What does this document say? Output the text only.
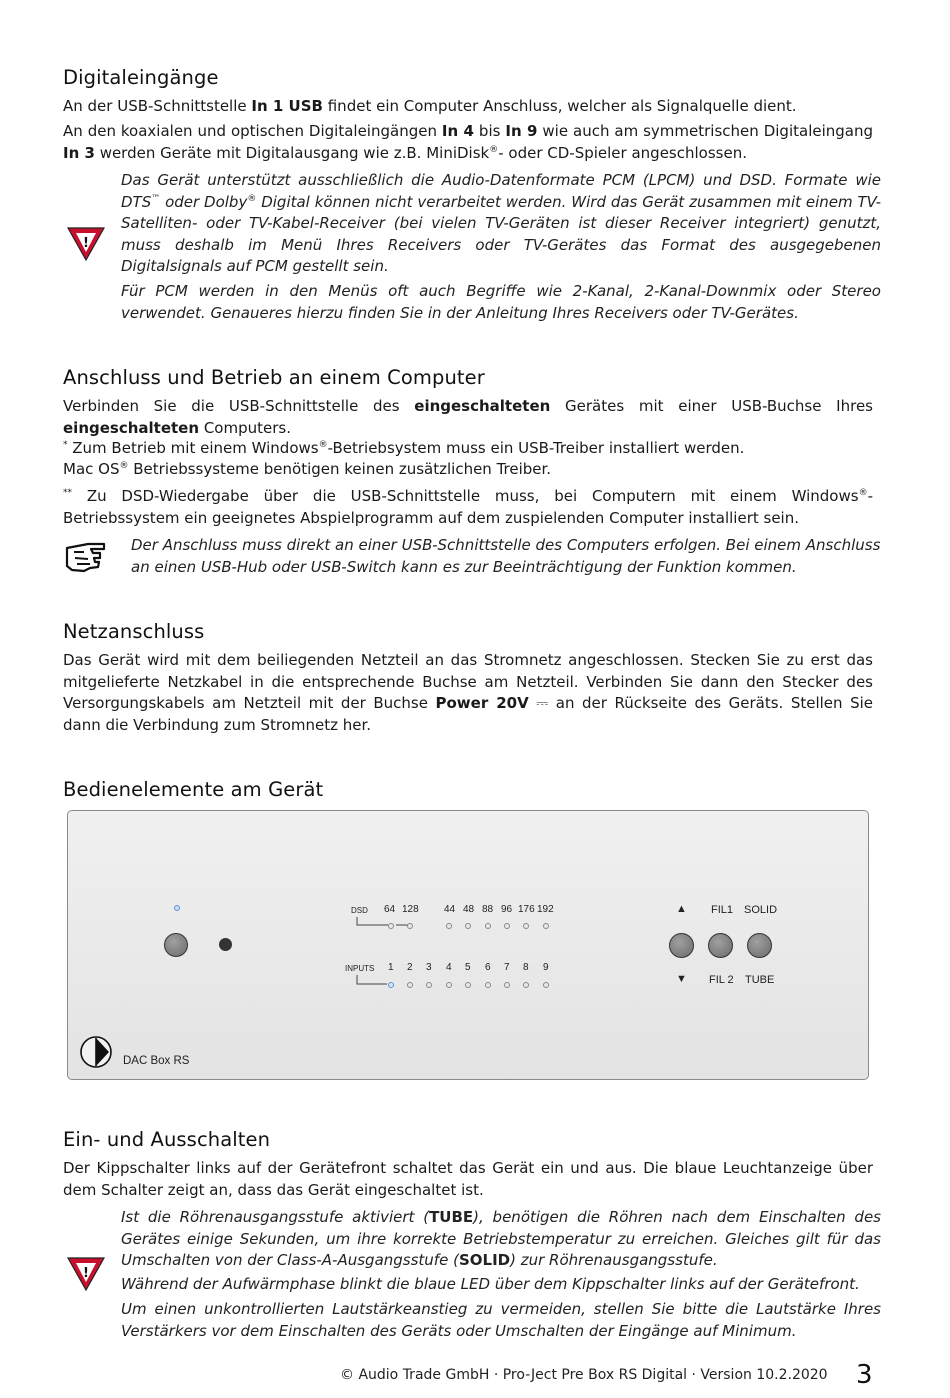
Digitaleingänge
An der USB-Schnittstelle In 1 USB findet ein Computer Anschluss, welcher als Signalquelle dient.
An den koaxialen und optischen Digitaleingängen In 4 bis In 9 wie auch am symmetrischen Digitaleingang In 3 werden Geräte mit Digitalausgang wie z.B. MiniDisk®- oder CD-Spieler angeschlossen.
!
Das Gerät unterstützt ausschließlich die Audio-Datenformate PCM (LPCM) und DSD. Formate wie DTS™ oder Dolby® Digital können nicht verarbeitet werden. Wird das Gerät zusammen mit einem TV-Satelliten- oder TV-Kabel-Receiver (bei vielen TV-Geräten ist dieser Receiver integriert) genutzt, muss deshalb im Menü Ihres Receivers oder TV-Gerätes das Format des ausgegebenen Digitalsignals auf PCM gestellt sein.
Für PCM werden in den Menüs oft auch Begriffe wie 2-Kanal, 2-Kanal-Downmix oder Stereo verwendet. Genaueres hierzu finden Sie in der Anleitung Ihres Receivers oder TV-Gerätes.
Anschluss und Betrieb an einem Computer
Verbinden Sie die USB-Schnittstelle des eingeschalteten Gerätes mit einer USB-Buchse Ihres eingeschalteten Computers.
* Zum Betrieb mit einem Windows®-Betriebsystem muss ein USB-Treiber installiert werden.
Mac OS® Betriebssysteme benötigen keinen zusätzlichen Treiber.
** Zu DSD-Wiedergabe über die USB-Schnittstelle muss, bei Computern mit einem Windows®-Betriebssystem ein geeignetes Abspielprogramm auf dem zuspielenden Computer installiert sein.
Der Anschluss muss direkt an einer USB-Schnittstelle des Computers erfolgen. Bei einem Anschluss an einen USB-Hub oder USB-Switch kann es zur Beeinträchtigung der Funktion kommen.
Netzanschluss
Das Gerät wird mit dem beiliegenden Netzteil an das Stromnetz angeschlossen. Stecken Sie zu erst das mitgelieferte Netzkabel in die entsprechende Buchse am Netzteil. Verbinden Sie dann den Stecker des Versorgungskabels am Netzteil mit der Buchse Power 20V ⎓ an der Rückseite des Geräts. Stellen Sie dann die Verbindung zum Stromnetz her.
Bedienelemente am Gerät
DSD 64 128	44 48 88 96 176 192
INPUTS 1 2 3 4 5 6 7 8 9
▲ FIL1 SOLID
▼ FIL 2 TUBE
DAC Box RS
Ein- und Ausschalten
Der Kippschalter links auf der Gerätefront schaltet das Gerät ein und aus. Die blaue Leuchtanzeige über dem Schalter zeigt an, dass das Gerät eingeschaltet ist.
!
Ist die Röhrenausgangsstufe aktiviert (TUBE), benötigen die Röhren nach dem Einschalten des Gerätes einige Sekunden, um ihre korrekte Betriebstemperatur zu erreichen. Gleiches gilt für das Umschalten von der Class-A-Ausgangsstufe (SOLID) zur Röhrenausgangsstufe.
Während der Aufwärmphase blinkt die blaue LED über dem Kippschalter links auf der Gerätefront.
Um einen unkontrollierten Lautstärkeanstieg zu vermeiden, stellen Sie bitte die Lautstärke Ihres Verstärkers vor dem Einschalten des Geräts oder Umschalten der Eingänge auf Minimum.
© Audio Trade GmbH · Pro-Ject Pre Box RS Digital · Version 10.2.2020 3
